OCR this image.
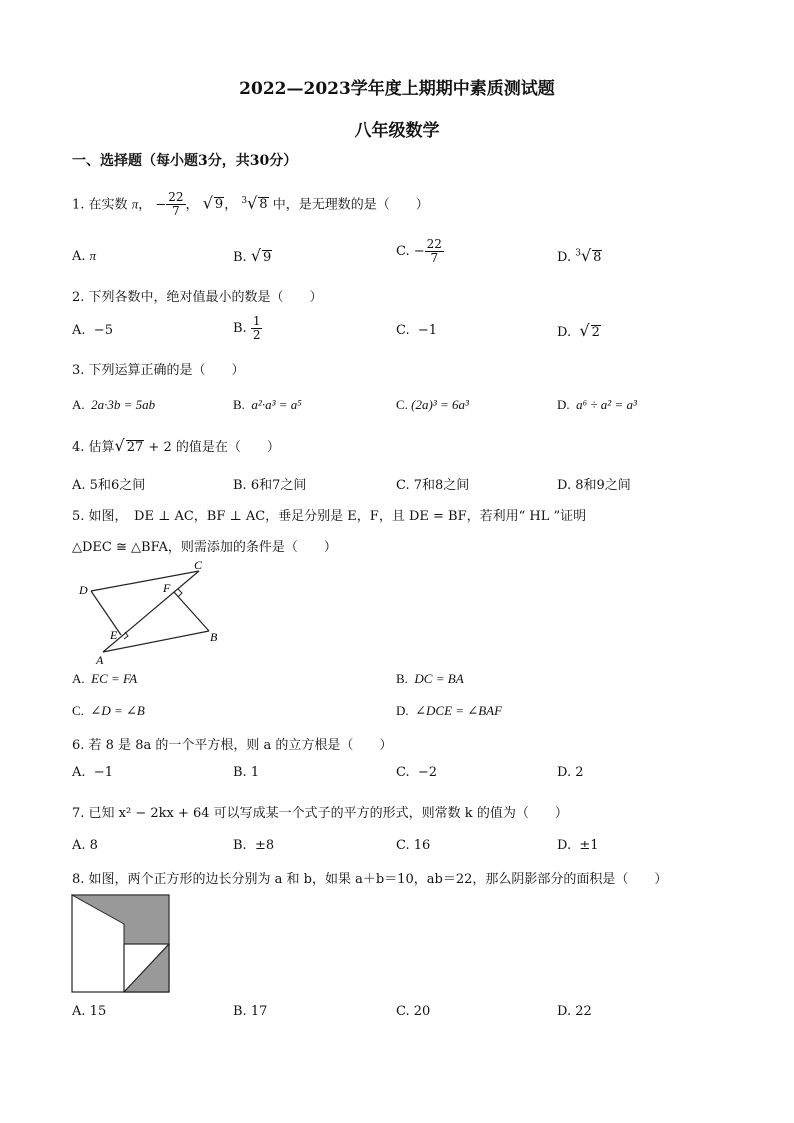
2022—2023学年度上期期中素质测试题
八年级数学
一、选择题（每小题3分，共30分）
1. 在实数 π， − $\frac{22}{7}$ ， √ 9， $^3$√ 8 中，是无理数的是（　　）
A. π	B. √ 9	C. − $\frac{22}{7}$	D. $^3$√ 8
2. 下列各数中，绝对值最小的数是（　　）
A. −5	B. $\frac{1}{2}$	C. −1	D. √ 2
3. 下列运算正确的是（　　）
A. 2a·3b = 5ab	B. a²·a³ = a⁵	C. (2a)³ = 6a³	D. a⁶ ÷ a² = a³
4. 估算√ 27 + 2 的值是在（　　）
A. 5和6之间	B. 6和7之间	C. 7和8之间	D. 8和9之间
5. 如图，　DE ⊥ AC，BF ⊥ AC，垂足分别是 E，F，且 DE = BF，若利用“ HL ”证明
△DEC ≅ △BFA，则需添加的条件是（　　）
C
D	F
E
A
B
A. EC = FA	B. DC = BA
C. ∠D = ∠B	D. ∠DCE = ∠BAF
6. 若 8 是 8a 的一个平方根，则 a 的立方根是（　　）
A. −1	B. 1	C. −2	D. 2
7. 已知 x² − 2kx + 64 可以写成某一个式子的平方的形式，则常数 k 的值为（　　）
A. 8	B. ±8	C. 16	D. ±1
8. 如图，两个正方形的边长分别为 a 和 b，如果 a＋b＝10，ab＝22，那么阴影部分的面积是（　　）
A. 15	B. 17	C. 20	D. 22
